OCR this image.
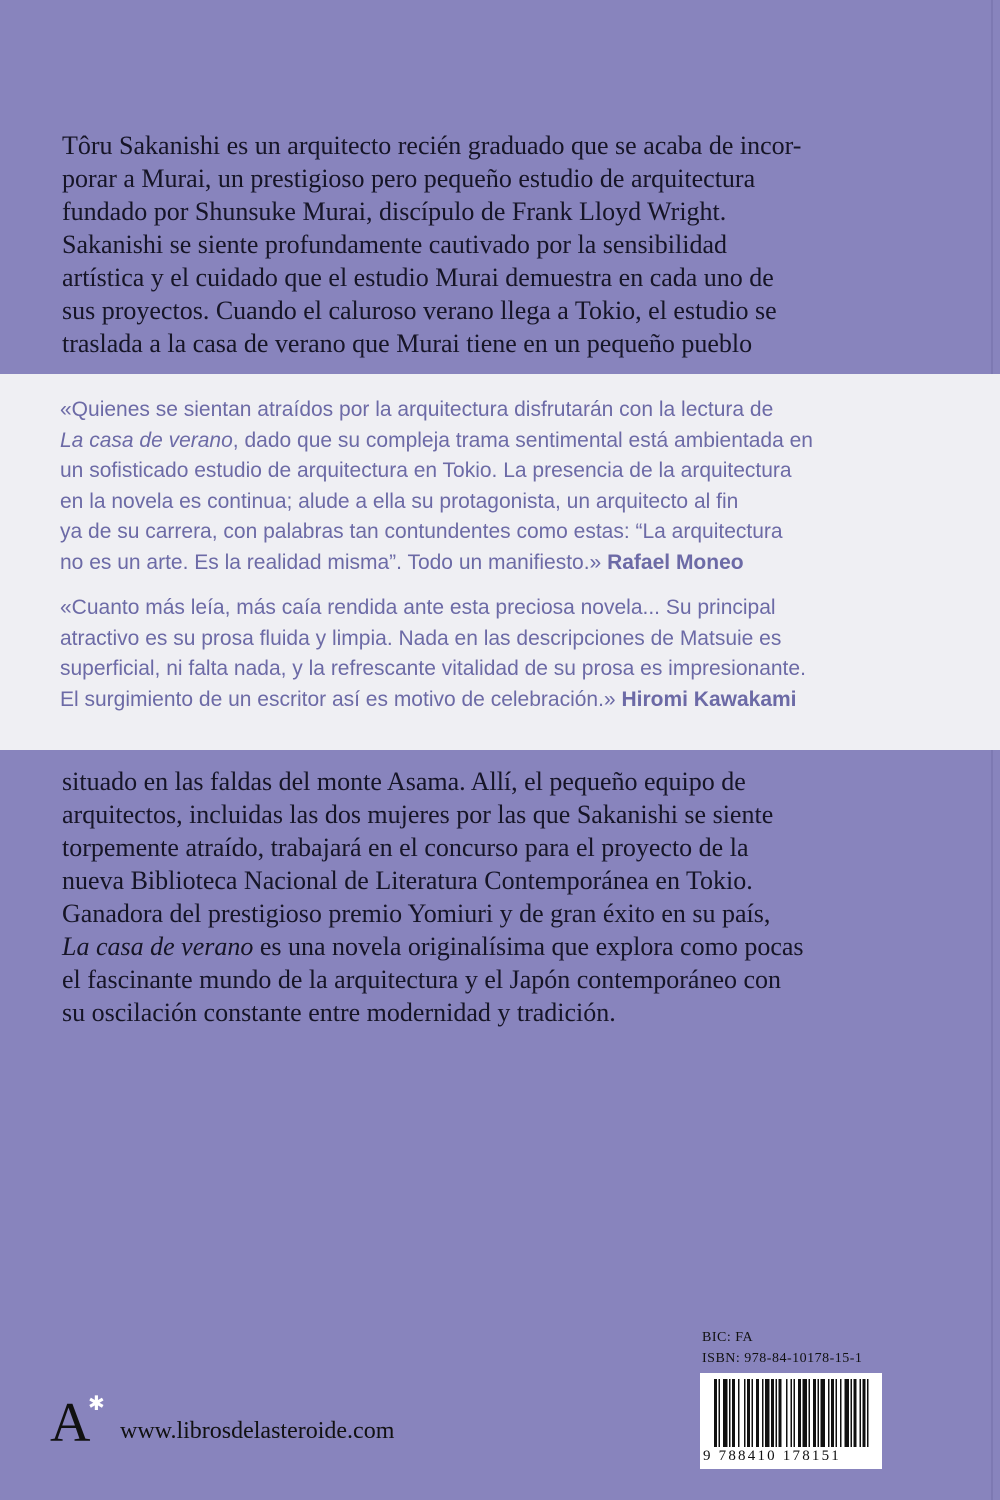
Tôru Sakanishi es un arquitecto recién graduado que se acaba de incor-
porar a Murai, un prestigioso pero pequeño estudio de arquitectura
fundado por Shunsuke Murai, discípulo de Frank Lloyd Wright.
Sakanishi se siente profundamente cautivado por la sensibilidad
artística y el cuidado que el estudio Murai demuestra en cada uno de
sus proyectos. Cuando el caluroso verano llega a Tokio, el estudio se
traslada a la casa de verano que Murai tiene en un pequeño pueblo
«Quienes se sientan atraídos por la arquitectura disfrutarán con la lectura de
La casa de verano, dado que su compleja trama sentimental está ambientada en
un sofisticado estudio de arquitectura en Tokio. La presencia de la arquitectura
en la novela es continua; alude a ella su protagonista, un arquitecto al fin
ya de su carrera, con palabras tan contundentes como estas: “La arquitectura
no es un arte. Es la realidad misma”. Todo un manifiesto.» Rafael Moneo
«Cuanto más leía, más caía rendida ante esta preciosa novela... Su principal
atractivo es su prosa fluida y limpia. Nada en las descripciones de Matsuie es
superficial, ni falta nada, y la refrescante vitalidad de su prosa es impresionante.
El surgimiento de un escritor así es motivo de celebración.» Hiromi Kawakami
situado en las faldas del monte Asama. Allí, el pequeño equipo de
arquitectos, incluidas las dos mujeres por las que Sakanishi se siente
torpemente atraído, trabajará en el concurso para el proyecto de la
nueva Biblioteca Nacional de Literatura Contemporánea en Tokio.
Ganadora del prestigioso premio Yomiuri y de gran éxito en su país,
La casa de verano es una novela originalísima que explora como pocas
el fascinante mundo de la arquitectura y el Japón contemporáneo con
su oscilación constante entre modernidad y tradición.
A
✱
www.librosdelasteroide.com
BIC: FA
ISBN: 978-84-10178-15-1
9 788410 178151
